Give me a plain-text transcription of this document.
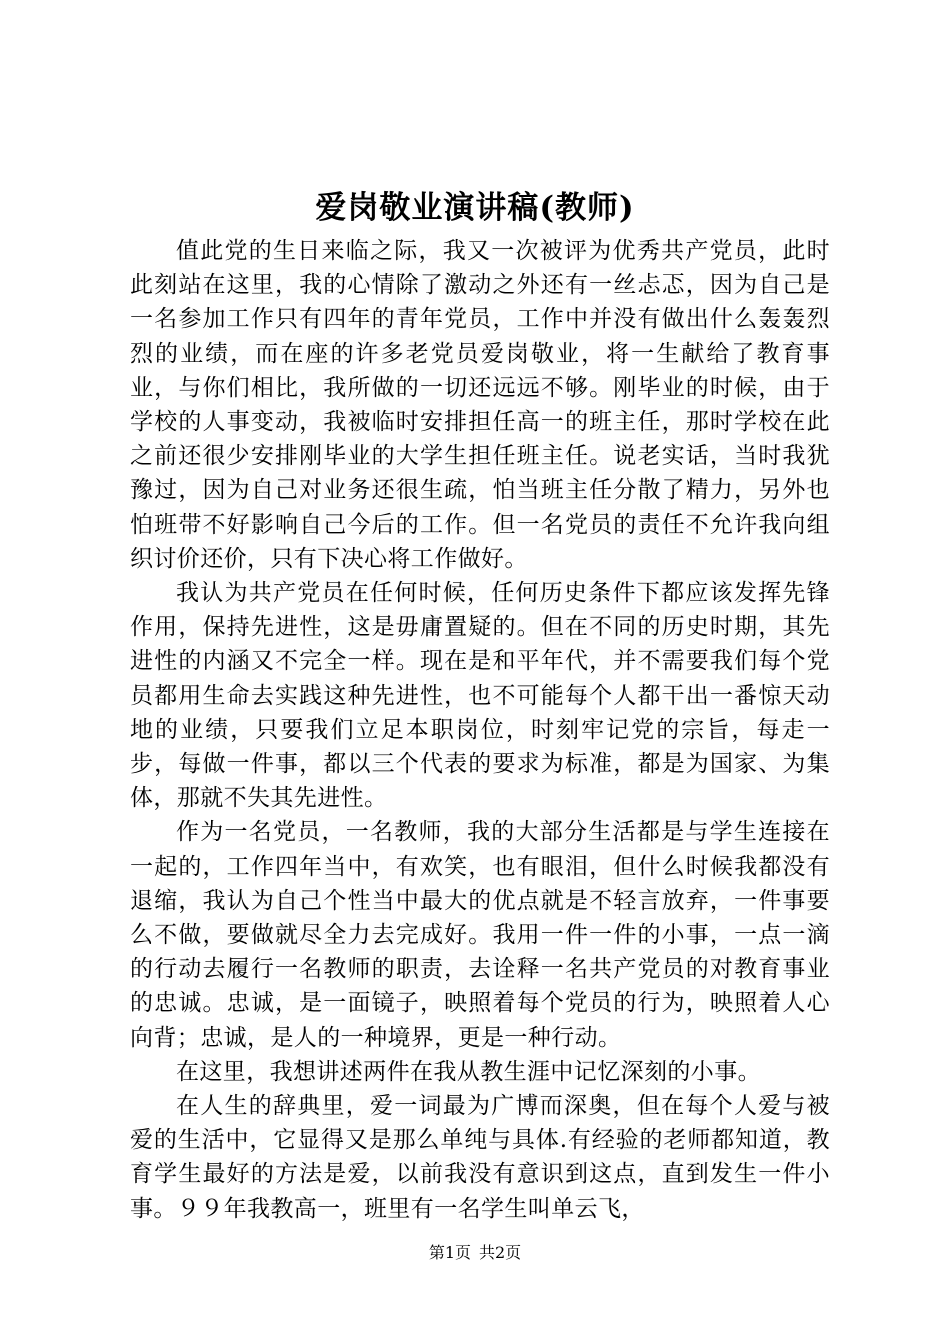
爱岗敬业演讲稿(教师)

值此党的生日来临之际，我又一次被评为优秀共产党员，此时此刻站在这里，我的心情除了激动之外还有一丝忐忑，因为自己是一名参加工作只有四年的青年党员，工作中并没有做出什么轰轰烈烈的业绩，而在座的许多老党员爱岗敬业，将一生献给了教育事业，与你们相比，我所做的一切还远远不够。刚毕业的时候，由于学校的人事变动，我被临时安排担任高一的班主任，那时学校在此之前还很少安排刚毕业的大学生担任班主任。说老实话，当时我犹豫过，因为自己对业务还很生疏，怕当班主任分散了精力，另外也怕班带不好影响自己今后的工作。但一名党员的责任不允许我向组织讨价还价，只有下决心将工作做好。

我认为共产党员在任何时候，任何历史条件下都应该发挥先锋作用，保持先进性，这是毋庸置疑的。但在不同的历史时期，其先进性的内涵又不完全一样。现在是和平年代，并不需要我们每个党员都用生命去实践这种先进性，也不可能每个人都干出一番惊天动地的业绩，只要我们立足本职岗位，时刻牢记党的宗旨，每走一步，每做一件事，都以三个代表的要求为标准，都是为国家、为集体，那就不失其先进性。

作为一名党员，一名教师，我的大部分生活都是与学生连接在一起的，工作四年当中，有欢笑，也有眼泪，但什么时候我都没有退缩，我认为自己个性当中最大的优点就是不轻言放弃，一件事要么不做，要做就尽全力去完成好。我用一件一件的小事，一点一滴的行动去履行一名教师的职责，去诠释一名共产党员的对教育事业的忠诚。忠诚，是一面镜子，映照着每个党员的行为，映照着人心向背；忠诚，是人的一种境界，更是一种行动。

在这里，我想讲述两件在我从教生涯中记忆深刻的小事。

在人生的辞典里，爱一词最为广博而深奥，但在每个人爱与被爱的生活中，它显得又是那么单纯与具体.有经验的老师都知道，教育学生最好的方法是爱，以前我没有意识到这点，直到发生一件小事。９９年我教高一，班里有一名学生叫单云飞，

第1页 共2页
